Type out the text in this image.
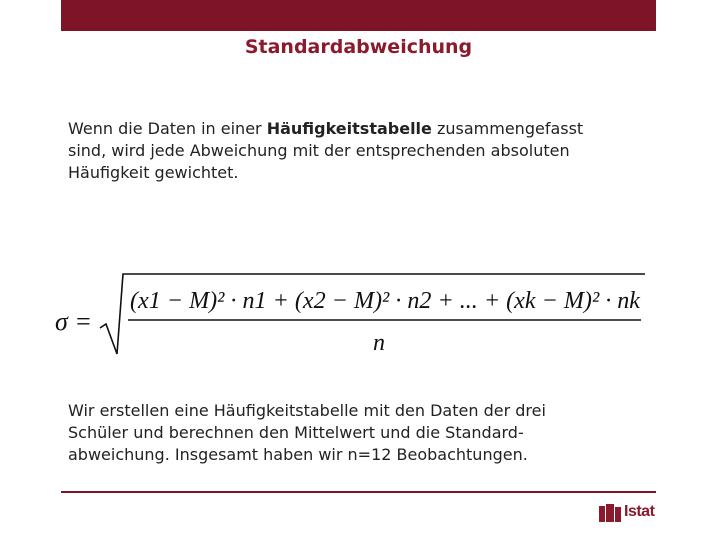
Standardabweichung
Wenn die Daten in einer Häufigkeitstabelle zusammengefasst
sind, wird jede Abweichung mit der entsprechenden absoluten
Häufigkeit gewichtet.
σ =
(x1 − M)² · n1 + (x2 − M)² · n2 + ... + (xk − M)² · nk
n
Wir erstellen eine Häufigkeitstabelle mit den Daten der drei
Schüler und berechnen den Mittelwert und die Standard-
abweichung. Insgesamt haben wir n=12 Beobachtungen.
Istat
